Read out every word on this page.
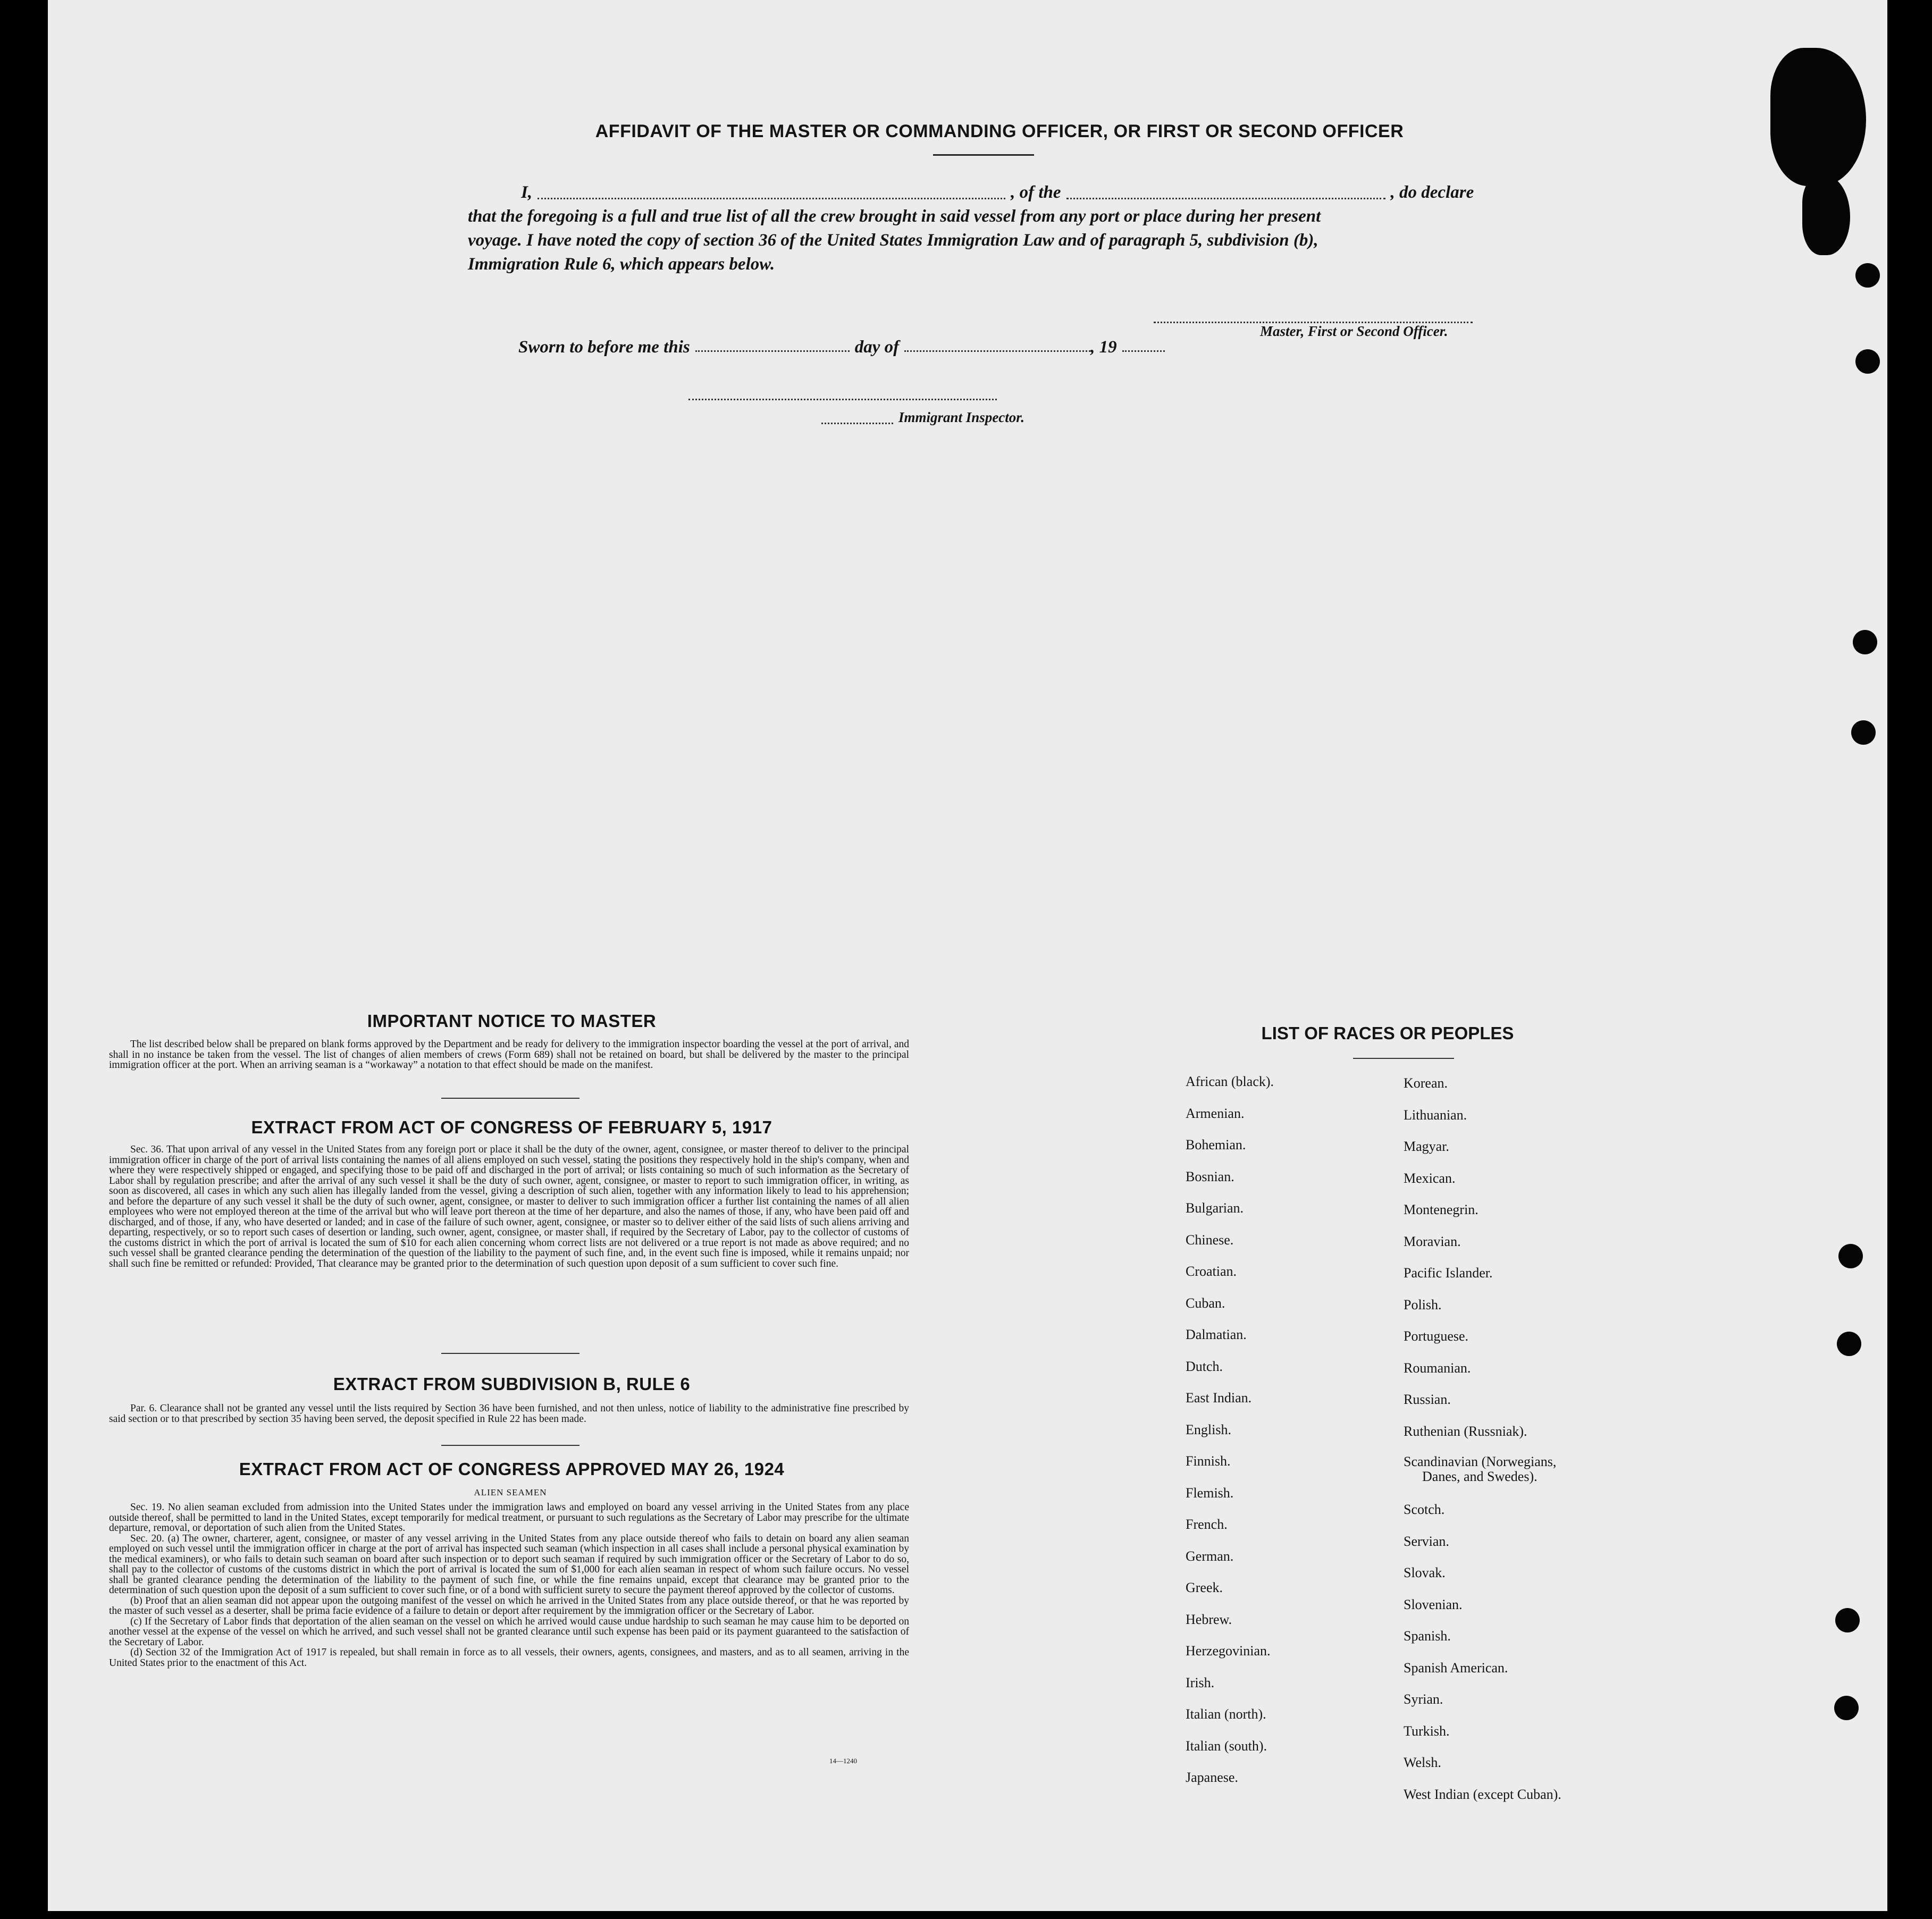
AFFIDAVIT OF THE MASTER OR COMMANDING OFFICER, OR FIRST OR SECOND OFFICER
I,	, of the	, do declare
that the foregoing is a full and true list of all the crew brought in said vessel from any port or place during her present
voyage. I have noted the copy of section 36 of the United States Immigration Law and of paragraph 5, subdivision (b),
Immigration Rule 6, which appears below.
Master, First or Second Officer.
Sworn to before me this	day of	, 19
Immigrant Inspector.
IMPORTANT NOTICE TO MASTER

The list described below shall be prepared on blank forms approved by the Department and be ready for delivery to the immigration inspector boarding the vessel at the port of arrival, and shall in no instance be taken from the vessel. The list of changes of alien members of crews (Form 689) shall not be retained on board, but shall be delivered by the master to the principal immigration officer at the port. When an arriving seaman is a “workaway” a notation to that effect should be made on the manifest.

EXTRACT FROM ACT OF CONGRESS OF FEBRUARY 5, 1917

Sec. 36. That upon arrival of any vessel in the United States from any foreign port or place it shall be the duty of the owner, agent, consignee, or master thereof to deliver to the principal immigration officer in charge of the port of arrival lists containing the names of all aliens employed on such vessel, stating the positions they respectively hold in the ship's company, when and where they were respectively shipped or engaged, and specifying those to be paid off and discharged in the port of arrival; or lists containing so much of such information as the Secretary of Labor shall by regulation prescribe; and after the arrival of any such vessel it shall be the duty of such owner, agent, consignee, or master to report to such immigration officer, in writing, as soon as discovered, all cases in which any such alien has illegally landed from the vessel, giving a description of such alien, together with any information likely to lead to his apprehension; and before the departure of any such vessel it shall be the duty of such owner, agent, consignee, or master to deliver to such immigration officer a further list containing the names of all alien employees who were not employed thereon at the time of the arrival but who will leave port thereon at the time of her departure, and also the names of those, if any, who have been paid off and discharged, and of those, if any, who have deserted or landed; and in case of the failure of such owner, agent, consignee, or master so to deliver either of the said lists of such aliens arriving and departing, respectively, or so to report such cases of desertion or landing, such owner, agent, consignee, or master shall, if required by the Secretary of Labor, pay to the collector of customs of the customs district in which the port of arrival is located the sum of $10 for each alien concerning whom correct lists are not delivered or a true report is not made as above required; and no such vessel shall be granted clearance pending the determination of the question of the liability to the payment of such fine, and, in the event such fine is imposed, while it remains unpaid; nor shall such fine be remitted or refunded: Provided, That clearance may be granted prior to the determination of such question upon deposit of a sum sufficient to cover such fine.

EXTRACT FROM SUBDIVISION B, RULE 6

Par. 6. Clearance shall not be granted any vessel until the lists required by Section 36 have been furnished, and not then unless, notice of liability to the administrative fine prescribed by said section or to that prescribed by section 35 having been served, the deposit specified in Rule 22 has been made.

EXTRACT FROM ACT OF CONGRESS APPROVED MAY 26, 1924
ALIEN SEAMEN

Sec. 19. No alien seaman excluded from admission into the United States under the immigration laws and employed on board any vessel arriving in the United States from any place outside thereof, shall be permitted to land in the United States, except temporarily for medical treatment, or pursuant to such regulations as the Secretary of Labor may prescribe for the ultimate departure, removal, or deportation of such alien from the United States.

Sec. 20. (a) The owner, charterer, agent, consignee, or master of any vessel arriving in the United States from any place outside thereof who fails to detain on board any alien seaman employed on such vessel until the immigration officer in charge at the port of arrival has inspected such seaman (which inspection in all cases shall include a personal physical examination by the medical examiners), or who fails to detain such seaman on board after such inspection or to deport such seaman if required by such immigration officer or the Secretary of Labor to do so, shall pay to the collector of customs of the customs district in which the port of arrival is located the sum of $1,000 for each alien seaman in respect of whom such failure occurs. No vessel shall be granted clearance pending the determination of the liability to the payment of such fine, or while the fine remains unpaid, except that clearance may be granted prior to the determination of such question upon the deposit of a sum sufficient to cover such fine, or of a bond with sufficient surety to secure the payment thereof approved by the collector of customs.

(b) Proof that an alien seaman did not appear upon the outgoing manifest of the vessel on which he arrived in the United States from any place outside thereof, or that he was reported by the master of such vessel as a deserter, shall be prima facie evidence of a failure to detain or deport after requirement by the immigration officer or the Secretary of Labor.

(c) If the Secretary of Labor finds that deportation of the alien seaman on the vessel on which he arrived would cause undue hardship to such seaman he may cause him to be deported on another vessel at the expense of the vessel on which he arrived, and such vessel shall not be granted clearance until such expense has been paid or its payment guaranteed to the satisfaction of the Secretary of Labor.

(d) Section 32 of the Immigration Act of 1917 is repealed, but shall remain in force as to all vessels, their owners, agents, consignees, and masters, and as to all seamen, arriving in the United States prior to the enactment of this Act.

14—1240
LIST OF RACES OR PEOPLES
African (black).
Armenian.
Bohemian.
Bosnian.
Bulgarian.
Chinese.
Croatian.
Cuban.
Dalmatian.
Dutch.
East Indian.
English.
Finnish.
Flemish.
French.
German.
Greek.
Hebrew.
Herzegovinian.
Irish.
Italian (north).
Italian (south).
Japanese.
Korean.
Lithuanian.
Magyar.
Mexican.
Montenegrin.
Moravian.
Pacific Islander.
Polish.
Portuguese.
Roumanian.
Russian.
Ruthenian (Russniak).
Scandinavian (Norwegians,
Danes, and Swedes).
Scotch.
Servian.
Slovak.
Slovenian.
Spanish.
Spanish American.
Syrian.
Turkish.
Welsh.
West Indian (except Cuban).
